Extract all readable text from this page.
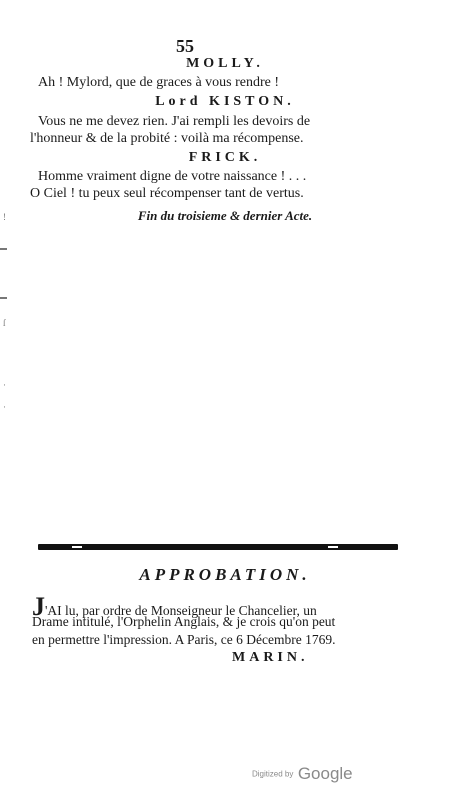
55
MOLLY.
Ah ! Mylord, que de graces à vous rendre !
Lord KISTON.
Vous ne me devez rien. J'ai rempli les devoirs de
l'honneur & de la probité : voilà ma récompense.
FRICK.
Homme vraiment digne de votre naissance ! . . .
O Ciel ! tu peux seul récompenser tant de vertus.
Fin du troisieme & dernier Acte.
!
ſ
·
·
APPROBATION.
J'AI lu, par ordre de Monseigneur le Chancelier, un
Drame intitulé, l'Orphelin Anglais, & je crois qu'on peut
en permettre l'impression. A Paris, ce 6 Décembre 1769.
MARIN.
Digitized by Google
